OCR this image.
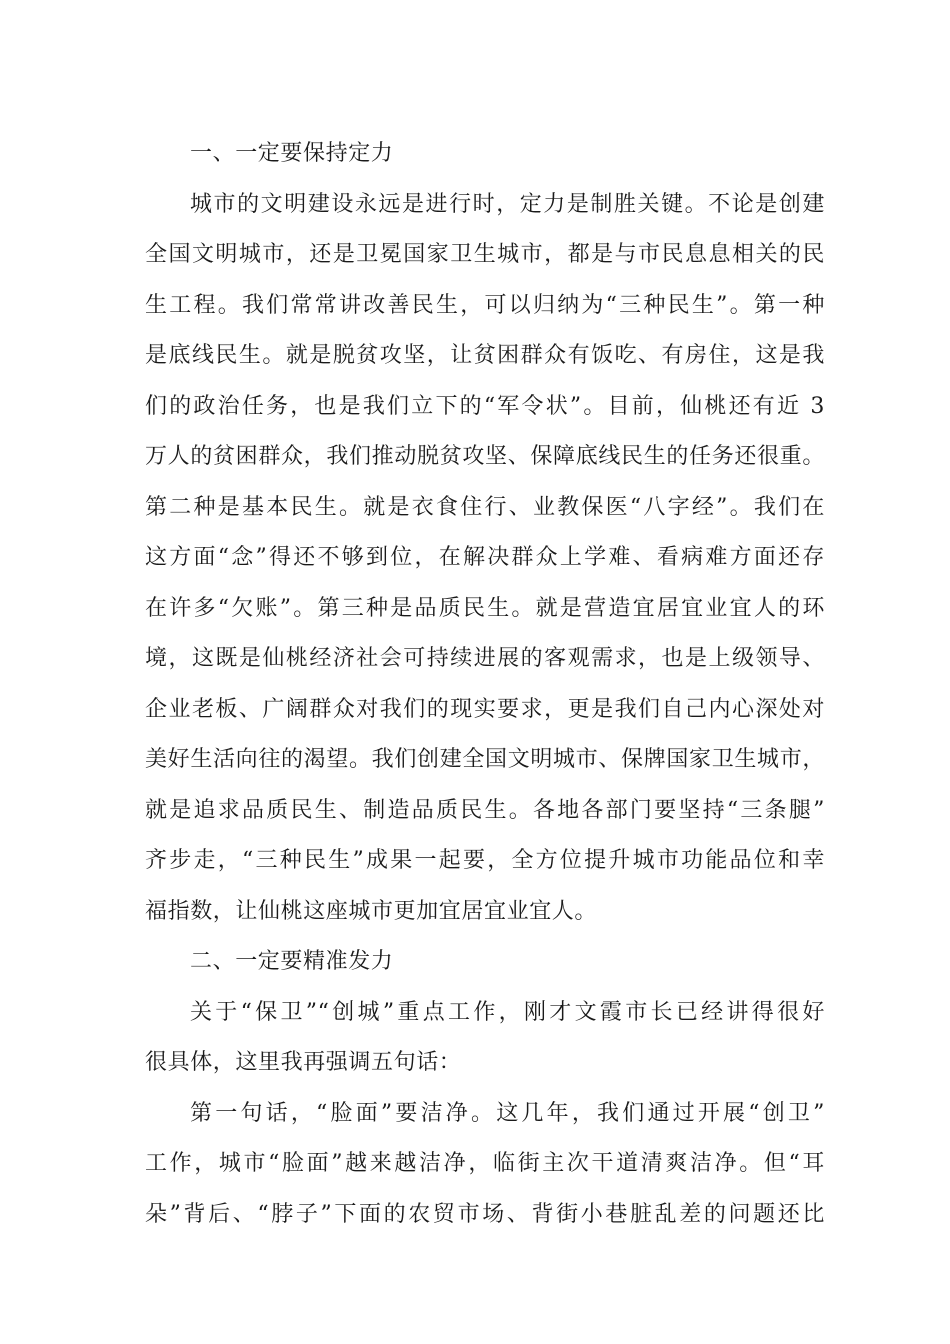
一、一定要保持定力
城市的文明建设永远是进行时，定力是制胜关键。不论是创建
全国文明城市，还是卫冕国家卫生城市，都是与市民息息相关的民
生工程。我们常常讲改善民生，可以归纳为“三种民生”。第一种
是底线民生。就是脱贫攻坚，让贫困群众有饭吃、有房住，这是我
们的政治任务，也是我们立下的“军令状”。目前，仙桃还有近 3
万人的贫困群众，我们推动脱贫攻坚、保障底线民生的任务还很重。
第二种是基本民生。就是衣食住行、业教保医“八字经”。我们在
这方面“念”得还不够到位，在解决群众上学难、看病难方面还存
在许多“欠账”。第三种是品质民生。就是营造宜居宜业宜人的环
境，这既是仙桃经济社会可持续进展的客观需求，也是上级领导、
企业老板、广阔群众对我们的现实要求，更是我们自己内心深处对
美好生活向往的渴望。我们创建全国文明城市、保牌国家卫生城市，
就是追求品质民生、制造品质民生。各地各部门要坚持“三条腿”
齐步走，“三种民生”成果一起要，全方位提升城市功能品位和幸
福指数，让仙桃这座城市更加宜居宜业宜人。
二、一定要精准发力
关于“保卫”“创城”重点工作，刚才文霞市长已经讲得很好
很具体，这里我再强调五句话：
第一句话，“脸面”要洁净。这几年，我们通过开展“创卫”
工作，城市“脸面”越来越洁净，临街主次干道清爽洁净。但“耳
朵”背后、“脖子”下面的农贸市场、背街小巷脏乱差的问题还比
